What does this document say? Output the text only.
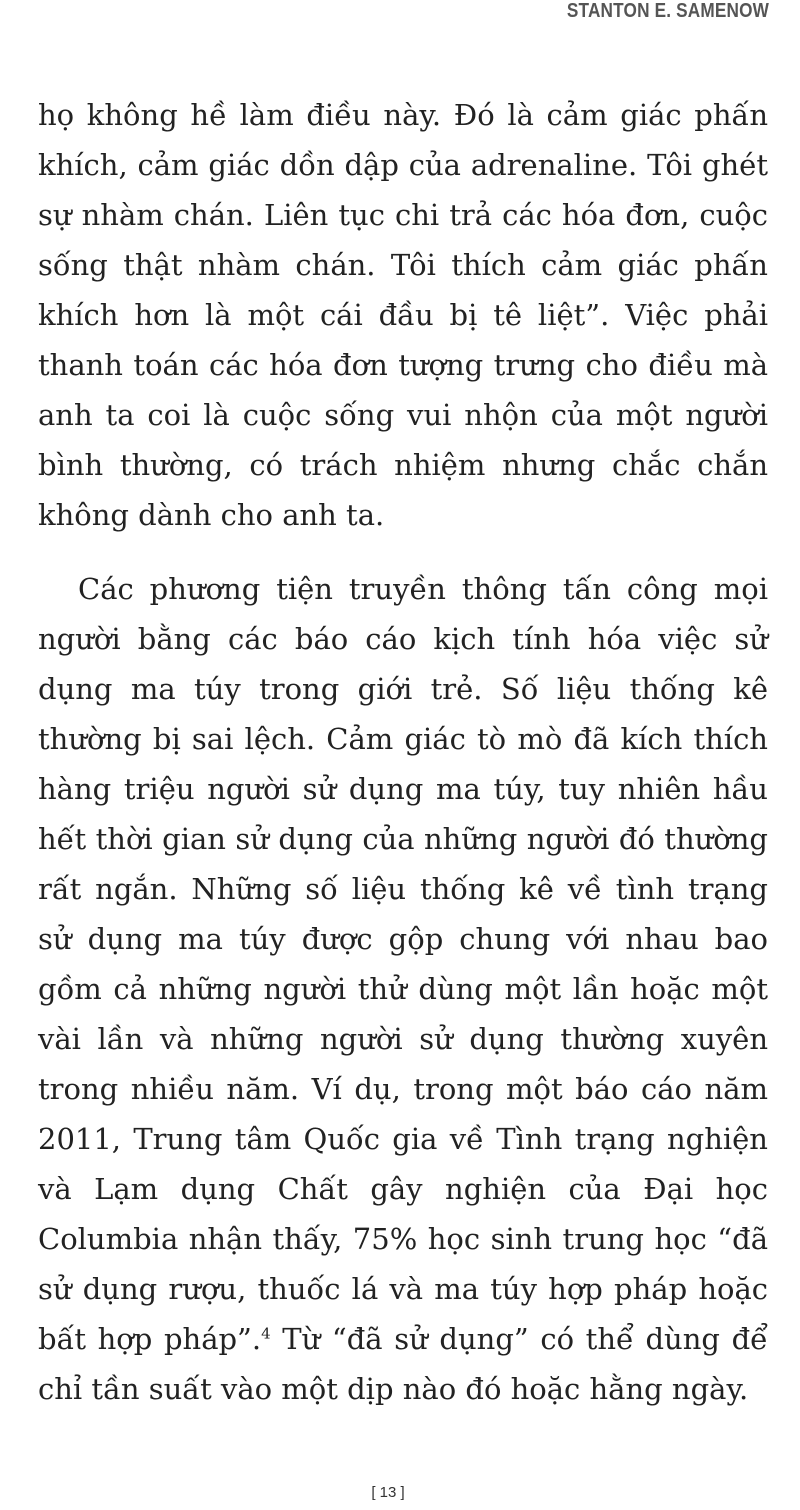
STANTON E. SAMENOW

họ không hề làm điều này. Đó là cảm giác phấn khích, cảm giác dồn dập của adrenaline. Tôi ghét sự nhàm chán. Liên tục chi trả các hóa đơn, cuộc sống thật nhàm chán. Tôi thích cảm giác phấn khích hơn là một cái đầu bị tê liệt”. Việc phải thanh toán các hóa đơn tượng trưng cho điều mà anh ta coi là cuộc sống vui nhộn của một người bình thường, có trách nhiệm nhưng chắc chắn không dành cho anh ta.

Các phương tiện truyền thông tấn công mọi người bằng các báo cáo kịch tính hóa việc sử dụng ma túy trong giới trẻ. Số liệu thống kê thường bị sai lệch. Cảm giác tò mò đã kích thích hàng triệu người sử dụng ma túy, tuy nhiên hầu hết thời gian sử dụng của những người đó thường rất ngắn. Những số liệu thống kê về tình trạng sử dụng ma túy được gộp chung với nhau bao gồm cả những người thử dùng một lần hoặc một vài lần và những người sử dụng thường xuyên trong nhiều năm. Ví dụ, trong một báo cáo năm 2011, Trung tâm Quốc gia về Tình trạng nghiện và Lạm dụng Chất gây nghiện của Đại học Columbia nhận thấy, 75% học sinh trung học “đã sử dụng rượu, thuốc lá và ma túy hợp pháp hoặc bất hợp pháp”.$^4$ Từ “đã sử dụng” có thể dùng để chỉ tần suất vào một dịp nào đó hoặc hằng ngày.

[ 13 ]
